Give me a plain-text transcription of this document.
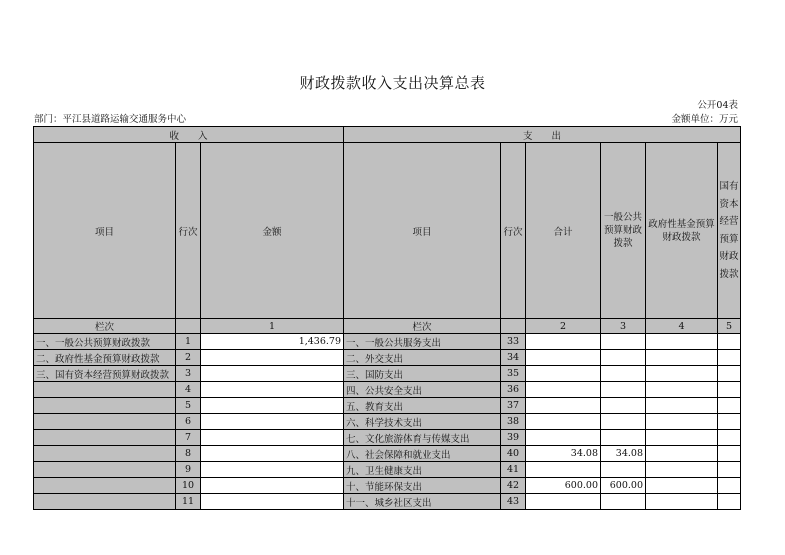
财政拨款收入支出决算总表
公开04表
部门：平江县道路运输交通服务中心	金额单位：万元
收　　入			支　　出					
项目	行次	金额	项目	行次	合计	一般公共预算财政拨款	政府性基金预算财政拨款	国有资本经营预算财政拨款
栏次		1	栏次		2	3	4	5
一、一般公共预算财政拨款	1	1,436.79	一、一般公共服务支出	33				
二、政府性基金预算财政拨款	2		二、外交支出	34				
三、国有资本经营预算财政拨款	3		三、国防支出	35				
	4		四、公共安全支出	36				
	5		五、教育支出	37				
	6		六、科学技术支出	38				
	7		七、文化旅游体育与传媒支出	39				
	8		八、社会保障和就业支出	40	34.08	34.08		
	9		九、卫生健康支出	41				
	10		十、节能环保支出	42	600.00	600.00		
	11		十一、城乡社区支出	43				
